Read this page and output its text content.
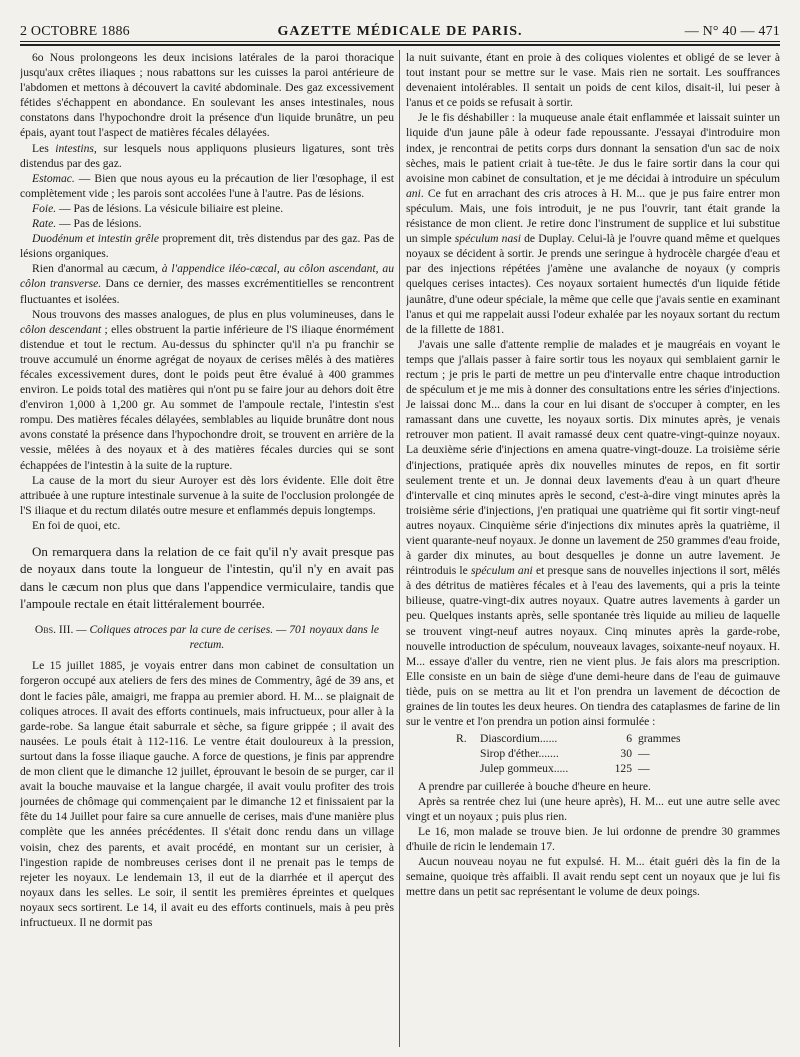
2 OCTOBRE 1886	GAZETTE MÉDICALE DE PARIS.	— N° 40 — 471

6o Nous prolongeons les deux incisions latérales de la paroi thoracique jusqu'aux crêtes iliaques ; nous rabattons sur les cuisses la paroi antérieure de l'abdomen et mettons à découvert la cavité abdominale. Des gaz excessivement fétides s'échappent en abondance. En soulevant les anses intestinales, nous constatons dans l'hypochondre droit la présence d'un liquide brunâtre, un peu épais, ayant tout l'aspect de matières fécales délayées.

Les intestins, sur lesquels nous appliquons plusieurs ligatures, sont très distendus par des gaz.

Estomac. — Bien que nous ayous eu la précaution de lier l'œsophage, il est complètement vide ; les parois sont accolées l'une à l'autre. Pas de lésions.

Foie. — Pas de lésions. La vésicule biliaire est pleine.

Rate. — Pas de lésions.

Duodénum et intestin grêle proprement dit, très distendus par des gaz. Pas de lésions organiques.

Rien d'anormal au cæcum, à l'appendice iléo-cæcal, au côlon ascendant, au côlon transverse. Dans ce dernier, des masses excrémentitielles se rencontrent fluctuantes et isolées.

Nous trouvons des masses analogues, de plus en plus volumineuses, dans le côlon descendant ; elles obstruent la partie inférieure de l'S iliaque énormément distendue et tout le rectum. Au-dessus du sphincter qu'il n'a pu franchir se trouve accumulé un énorme agrégat de noyaux de cerises mêlés à des matières fécales excessivement dures, dont le poids peut être évalué à 400 grammes environ. Le poids total des matières qui n'ont pu se faire jour au dehors doit être d'environ 1,000 à 1,200 gr. Au sommet de l'ampoule rectale, l'intestin s'est rompu. Des matières fécales délayées, semblables au liquide brunâtre dont nous avons constaté la présence dans l'hypochondre droit, se trouvent en arrière de la vessie, mêlées à des noyaux et à des matières fécales durcies qui se sont échappées de l'intestin à la suite de la rupture.

La cause de la mort du sieur Auroyer est dès lors évidente. Elle doit être attribuée à une rupture intestinale survenue à la suite de l'occlusion prolongée de l'S iliaque et du rectum dilatés outre mesure et enflammés depuis longtemps.

En foi de quoi, etc.

On remarquera dans la relation de ce fait qu'il n'y avait presque pas de noyaux dans toute la longueur de l'intestin, qu'il n'y en avait pas dans le cæcum non plus que dans l'appendice vermiculaire, tandis que l'ampoule rectale en était littéralement bourrée.

Obs. III. — Coliques atroces par la cure de cerises. — 701 noyaux dans le rectum.

Le 15 juillet 1885, je voyais entrer dans mon cabinet de consultation un forgeron occupé aux ateliers de fers des mines de Commentry, âgé de 39 ans, et dont le facies pâle, amaigri, me frappa au premier abord. H. M... se plaignait de coliques atroces. Il avait des efforts continuels, mais infructueux, pour aller à la garde-robe. Sa langue était saburrale et sèche, sa figure grippée ; il avait des nausées. Le pouls était à 112-116. Le ventre était douloureux à la pression, surtout dans la fosse iliaque gauche. A force de questions, je finis par apprendre de mon client que le dimanche 12 juillet, éprouvant le besoin de se purger, car il avait la bouche mauvaise et la langue chargée, il avait voulu profiter des trois journées de chômage qui commençaient par le dimanche 12 et finissaient par la fête du 14 Juillet pour faire sa cure annuelle de cerises, mais d'une manière plus complète que les années précédentes. Il s'était donc rendu dans un village voisin, chez des parents, et avait procédé, en montant sur un cerisier, à l'ingestion rapide de nombreuses cerises dont il ne prenait pas le temps de rejeter les noyaux. Le lendemain 13, il eut de la diarrhée et il aperçut des noyaux dans les selles. Le soir, il sentit les premières épreintes et quelques noyaux secs sortirent. Le 14, il avait eu des efforts continuels, mais à peu près infructueux. Il ne dormit pas

la nuit suivante, étant en proie à des coliques violentes et obligé de se lever à tout instant pour se mettre sur le vase. Mais rien ne sortait. Les souffrances devenaient intolérables. Il sentait un poids de cent kilos, disait-il, lui peser à l'anus et ce poids se refusait à sortir.

Je le fis déshabiller : la muqueuse anale était enflammée et laissait suinter un liquide d'un jaune pâle à odeur fade repoussante. J'essayai d'introduire mon index, je rencontrai de petits corps durs donnant la sensation d'un sac de noix sèches, mais le patient criait à tue-tête. Je dus le faire sortir dans la cour qui avoisine mon cabinet de consultation, et je me décidai à introduire un spéculum ani. Ce fut en arrachant des cris atroces à H. M... que je pus faire entrer mon spéculum. Mais, une fois introduit, je ne pus l'ouvrir, tant était grande la résistance de mon client. Je retire donc l'instrument de supplice et lui substitue un simple spéculum nasi de Duplay. Celui-là je l'ouvre quand même et quelques noyaux se décident à sortir. Je prends une seringue à hydrocèle chargée d'eau et par des injections répétées j'amène une avalanche de noyaux (y compris quelques cerises intactes). Ces noyaux sortaient humectés d'un liquide fétide jaunâtre, d'une odeur spéciale, la même que celle que j'avais sentie en examinant l'anus et qui me rappelait aussi l'odeur exhalée par les noyaux sortant du rectum de la fillette de 1881.

J'avais une salle d'attente remplie de malades et je maugréais en voyant le temps que j'allais passer à faire sortir tous les noyaux qui semblaient garnir le rectum ; je pris le parti de mettre un peu d'intervalle entre chaque introduction de spéculum et je me mis à donner des consultations entre les séries d'injections. Je laissai donc M... dans la cour en lui disant de s'occuper à compter, en les ramassant dans une cuvette, les noyaux sortis. Dix minutes après, je venais retrouver mon patient. Il avait ramassé deux cent quatre-vingt-quinze noyaux. La deuxième série d'injections en amena quatre-vingt-douze. La troisième série d'injections, pratiquée après dix nouvelles minutes de repos, en fit sortir seulement trente et un. Je donnai deux lavements d'eau à un quart d'heure d'intervalle et cinq minutes après le second, c'est-à-dire vingt minutes après la troisième série d'injections, j'en pratiquai une quatrième qui fit sortir vingt-neuf autres noyaux. Cinquième série d'injections dix minutes après la quatrième, il vient quarante-neuf noyaux. Je donne un lavement de 250 grammes d'eau froide, à garder dix minutes, au bout desquelles je donne un autre lavement. Je réintroduis le spéculum ani et presque sans de nouvelles injections il sort, mêlés à des détritus de matières fécales et à l'eau des lavements, qui a pris la teinte bilieuse, quatre-vingt-dix autres noyaux. Quatre autres lavements à garder un peu. Quelques instants après, selle spontanée très liquide au milieu de laquelle se trouvent vingt-neuf autres noyaux. Cinq minutes après la garde-robe, nouvelle introduction de spéculum, nouveaux lavages, soixante-neuf noyaux. H. M... essaye d'aller du ventre, rien ne vient plus. Je fais alors ma prescription. Elle consiste en un bain de siège d'une demi-heure dans de l'eau de guimauve tiède, puis on se mettra au lit et l'on prendra un lavement de décoction de graines de lin toutes les deux heures. On tiendra des cataplasmes de farine de lin sur le ventre et l'on prendra un potion ainsi formulée :

R.	Diascordium......	6 grammes
Sirop d'éther.......	30 —
Julep gommeux.....	125 —

A prendre par cuillerée à bouche d'heure en heure.

Après sa rentrée chez lui (une heure après), H. M... eut une autre selle avec vingt et un noyaux ; puis plus rien.

Le 16, mon malade se trouve bien. Je lui ordonne de prendre 30 grammes d'huile de ricin le lendemain 17.

Aucun nouveau noyau ne fut expulsé. H. M... était guéri dès la fin de la semaine, quoique très affaibli. Il avait rendu sept cent un noyaux que je lui fis mettre dans un petit sac représentant le volume de deux poings.
